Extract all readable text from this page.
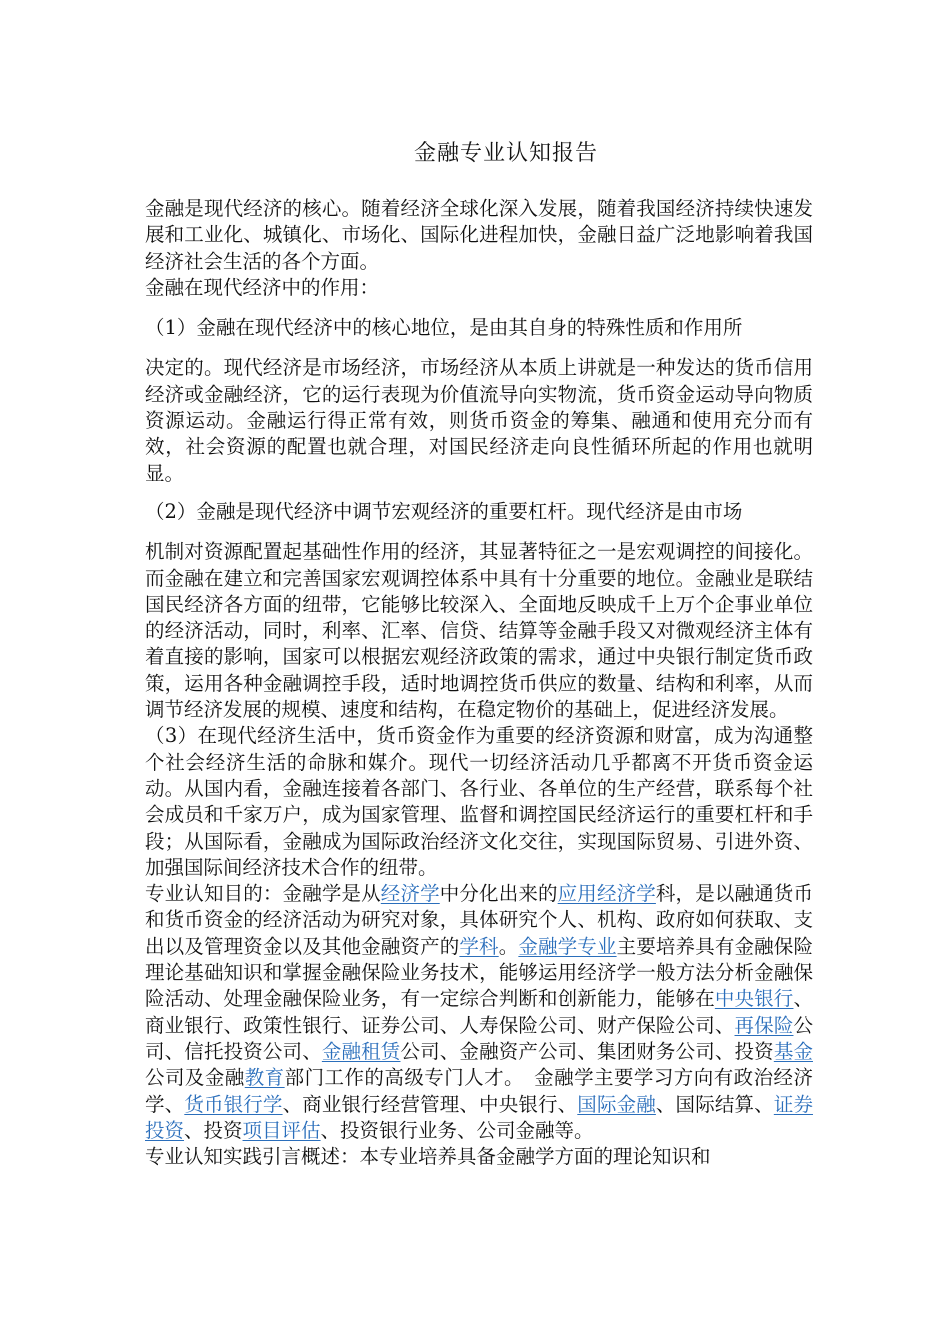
金融专业认知报告

金融是现代经济的核心。随着经济全球化深入发展，随着我国经济持续快速发展和工业化、城镇化、市场化、国际化进程加快，金融日益广泛地影响着我国经济社会生活的各个方面。

金融在现代经济中的作用：

（1）金融在现代经济中的核心地位，是由其自身的特殊性质和作用所

决定的。现代经济是市场经济，市场经济从本质上讲就是一种发达的货币信用经济或金融经济，它的运行表现为价值流导向实物流，货币资金运动导向物质资源运动。金融运行得正常有效，则货币资金的筹集、融通和使用充分而有效，社会资源的配置也就合理，对国民经济走向良性循环所起的作用也就明显。

（2）金融是现代经济中调节宏观经济的重要杠杆。现代经济是由市场

机制对资源配置起基础性作用的经济，其显著特征之一是宏观调控的间接化。而金融在建立和完善国家宏观调控体系中具有十分重要的地位。金融业是联结国民经济各方面的纽带，它能够比较深入、全面地反映成千上万个企事业单位的经济活动，同时，利率、汇率、信贷、结算等金融手段又对微观经济主体有着直接的影响，国家可以根据宏观经济政策的需求，通过中央银行制定货币政策，运用各种金融调控手段，适时地调控货币供应的数量、结构和利率，从而调节经济发展的规模、速度和结构，在稳定物价的基础上，促进经济发展。

（3）在现代经济生活中，货币资金作为重要的经济资源和财富，成为沟通整个社会经济生活的命脉和媒介。现代一切经济活动几乎都离不开货币资金运动。从国内看，金融连接着各部门、各行业、各单位的生产经营，联系每个社会成员和千家万户，成为国家管理、监督和调控国民经济运行的重要杠杆和手段；从国际看，金融成为国际政治经济文化交往，实现国际贸易、引进外资、加强国际间经济技术合作的纽带。

专业认知目的：金融学是从经济学中分化出来的应用经济学科，是以融通货币和货币资金的经济活动为研究对象，具体研究个人、机构、政府如何获取、支出以及管理资金以及其他金融资产的学科。金融学专业主要培养具有金融保险理论基础知识和掌握金融保险业务技术，能够运用经济学一般方法分析金融保险活动、处理金融保险业务，有一定综合判断和创新能力，能够在中央银行、商业银行、政策性银行、证券公司、人寿保险公司、财产保险公司、再保险公司、信托投资公司、金融租赁公司、金融资产公司、集团财务公司、投资基金公司及金融教育部门工作的高级专门人才。　金融学主要学习方向有政治经济学、货币银行学、商业银行经营管理、中央银行、国际金融、国际结算、证券投资、投资项目评估、投资银行业务、公司金融等。

专业认知实践引言概述：本专业培养具备金融学方面的理论知识和
